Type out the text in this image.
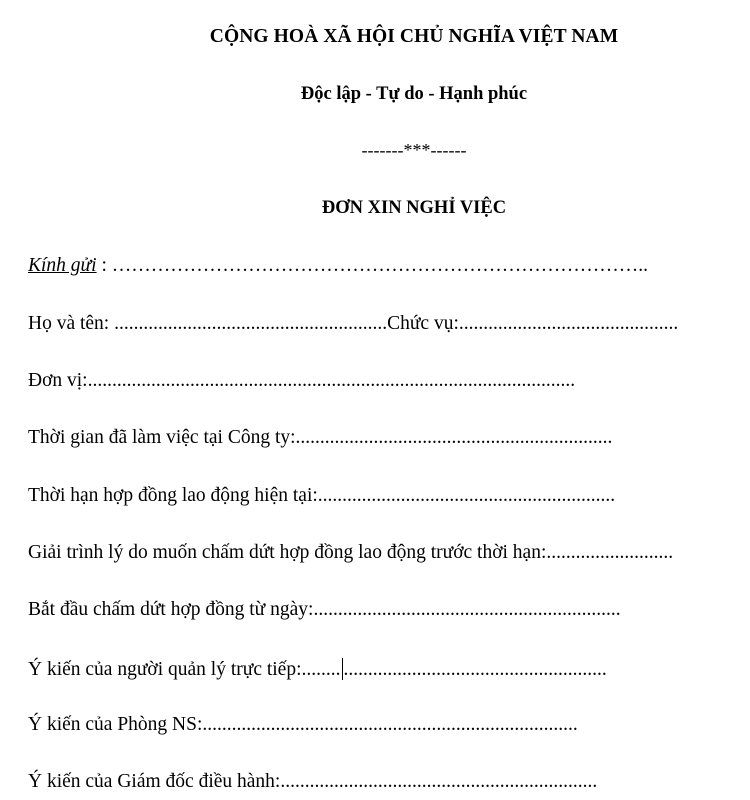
CỘNG HOÀ XÃ HỘI CHỦ NGHĨA VIỆT NAM
Độc lập - Tự do - Hạnh phúc
-------***------
ĐƠN XIN NGHỈ VIỆC
Kính gửi : ………………………………………………………………………..
Họ và tên: ........................................................Chức vụ:.............................................
Đơn vị:....................................................................................................
Thời gian đã làm việc tại Công ty:.................................................................
Thời hạn hợp đồng lao động hiện tại:.............................................................
Giải trình lý do muốn chấm dứt hợp đồng lao động trước thời hạn:..........................
Bắt đầu chấm dứt hợp đồng từ ngày:...............................................................
Ý kiến của người quản lý trực tiếp:........ ......................................................
Ý kiến của Phòng NS:.............................................................................
Ý kiến của Giám đốc điều hành:.................................................................
